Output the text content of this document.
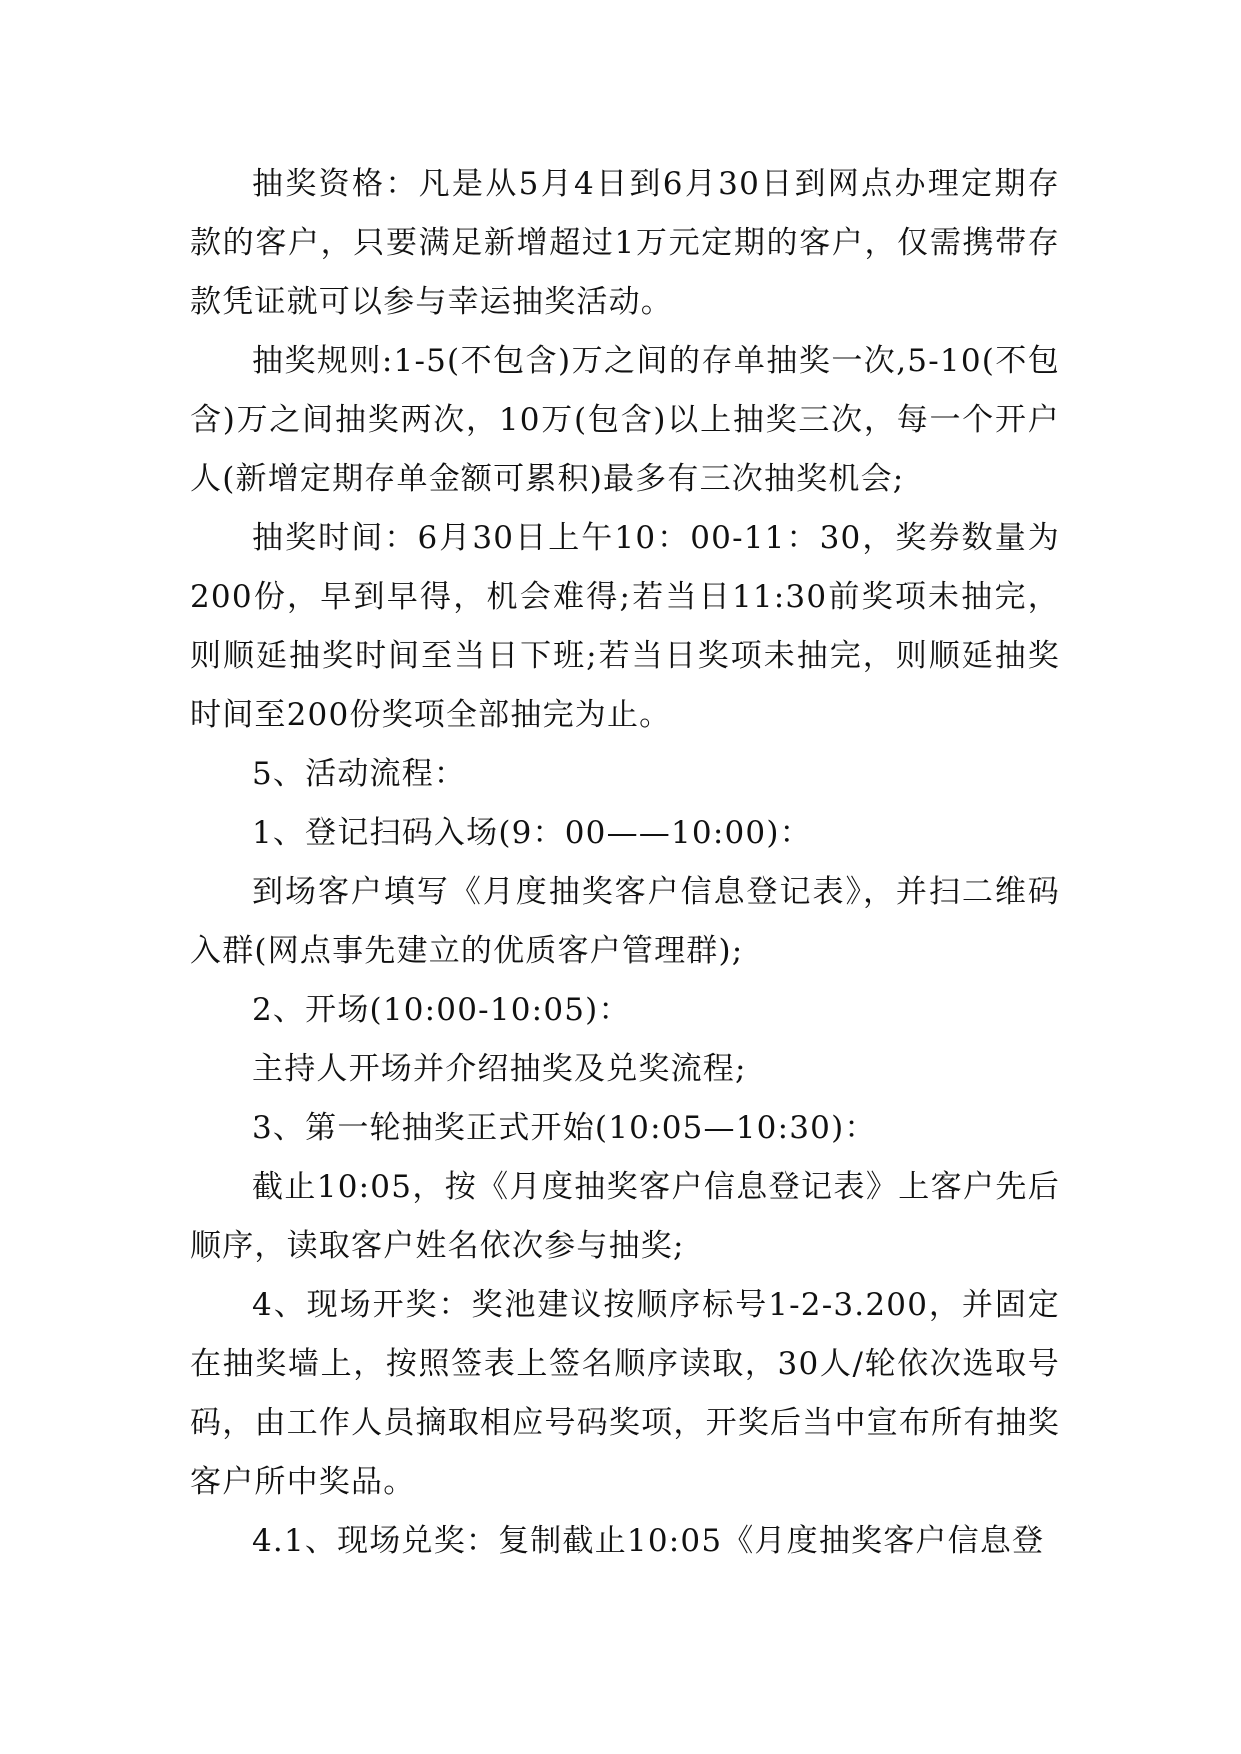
抽奖资格：凡是从5月4日到6月30日到网点办理定期存款的客户，只要满足新增超过1万元定期的客户，仅需携带存款凭证就可以参与幸运抽奖活动。

抽奖规则:1-5(不包含)万之间的存单抽奖一次,5-10(不包含)万之间抽奖两次，10万(包含)以上抽奖三次，每一个开户人(新增定期存单金额可累积)最多有三次抽奖机会;

抽奖时间：6月30日上午10：00-11：30，奖券数量为200份，早到早得，机会难得;若当日11:30前奖项未抽完，则顺延抽奖时间至当日下班;若当日奖项未抽完，则顺延抽奖时间至200份奖项全部抽完为止。

5、活动流程：

1、登记扫码入场(9：00——10:00)：

到场客户填写《月度抽奖客户信息登记表》，并扫二维码入群(网点事先建立的优质客户管理群);

2、开场(10:00-10:05)：

主持人开场并介绍抽奖及兑奖流程;

3、第一轮抽奖正式开始(10:05—10:30)：

截止10:05，按《月度抽奖客户信息登记表》上客户先后顺序，读取客户姓名依次参与抽奖;

4、现场开奖：奖池建议按顺序标号1-2-3.200，并固定在抽奖墙上，按照签表上签名顺序读取，30人/轮依次选取号码，由工作人员摘取相应号码奖项，开奖后当中宣布所有抽奖客户所中奖品。

4.1、现场兑奖：复制截止10:05《月度抽奖客户信息登
